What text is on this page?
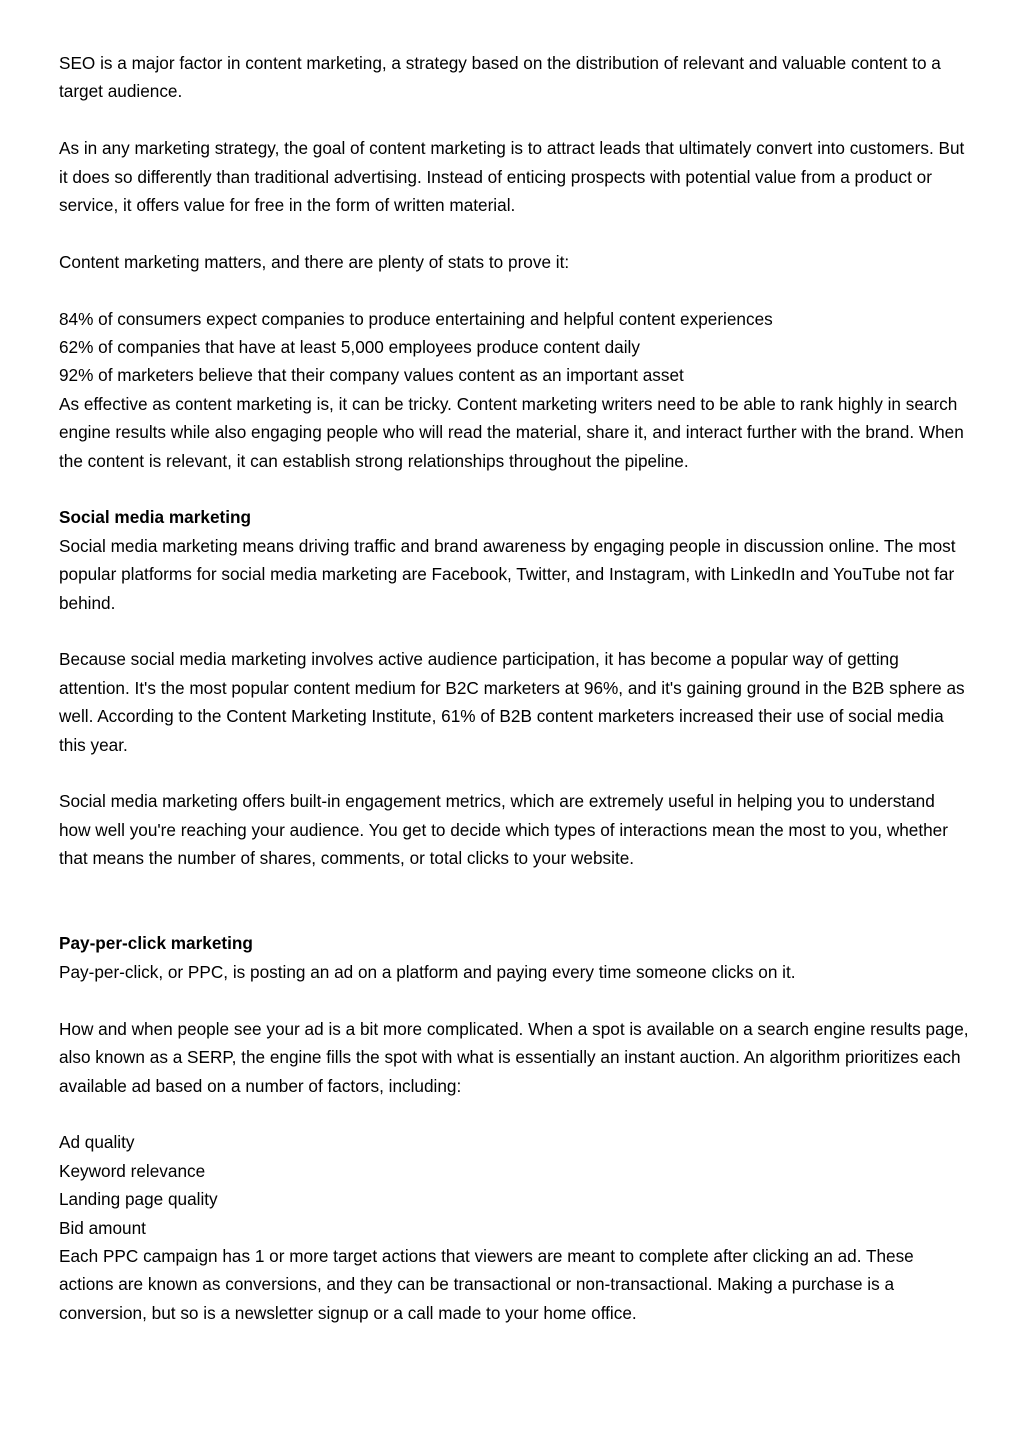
SEO is a major factor in content marketing, a strategy based on the distribution of relevant and valuable content to a target audience.

As in any marketing strategy, the goal of content marketing is to attract leads that ultimately convert into customers. But it does so differently than traditional advertising. Instead of enticing prospects with potential value from a product or service, it offers value for free in the form of written material.

Content marketing matters, and there are plenty of stats to prove it:

84% of consumers expect companies to produce entertaining and helpful content experiences

62% of companies that have at least 5,000 employees produce content daily

92% of marketers believe that their company values content as an important asset

As effective as content marketing is, it can be tricky. Content marketing writers need to be able to rank highly in search engine results while also engaging people who will read the material, share it, and interact further with the brand. When the content is relevant, it can establish strong relationships throughout the pipeline.

Social media marketing

Social media marketing means driving traffic and brand awareness by engaging people in discussion online. The most popular platforms for social media marketing are Facebook, Twitter, and Instagram, with LinkedIn and YouTube not far behind.

Because social media marketing involves active audience participation, it has become a popular way of getting attention. It's the most popular content medium for B2C marketers at 96%, and it's gaining ground in the B2B sphere as well. According to the Content Marketing Institute, 61% of B2B content marketers increased their use of social media this year.

Social media marketing offers built-in engagement metrics, which are extremely useful in helping you to understand how well you're reaching your audience. You get to decide which types of interactions mean the most to you, whether that means the number of shares, comments, or total clicks to your website.

Pay-per-click marketing

Pay-per-click, or PPC, is posting an ad on a platform and paying every time someone clicks on it.

How and when people see your ad is a bit more complicated. When a spot is available on a search engine results page, also known as a SERP, the engine fills the spot with what is essentially an instant auction. An algorithm prioritizes each available ad based on a number of factors, including:

Ad quality

Keyword relevance

Landing page quality

Bid amount

Each PPC campaign has 1 or more target actions that viewers are meant to complete after clicking an ad. These actions are known as conversions, and they can be transactional or non-transactional. Making a purchase is a conversion, but so is a newsletter signup or a call made to your home office.
